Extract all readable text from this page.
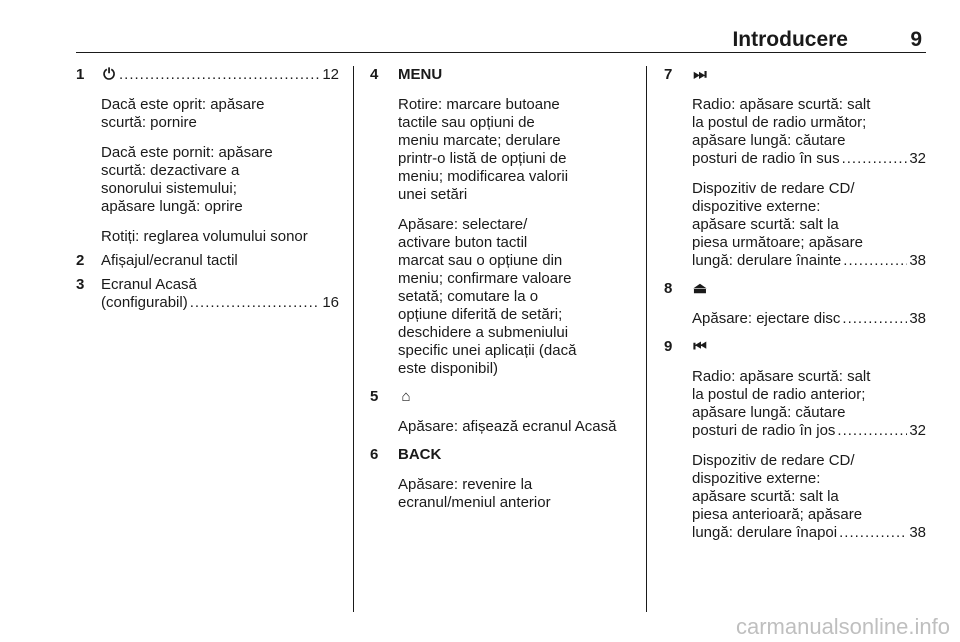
Introducere	9
1 ⏻ .....	12
Dacă este oprit: apăsare
scurtă: pornire
Dacă este pornit: apăsare
scurtă: dezactivare a
sonorului sistemului;
apăsare lungă: oprire
Rotiți: reglarea volumului sonor
2 Afișajul/ecranul tactil
3 Ecranul Acasă
(configurabil) .....	16
4 MENU
Rotire: marcare butoane
tactile sau opțiuni de
meniu marcate; derulare
printr-o listă de opțiuni de
meniu; modificarea valorii
unei setări
Apăsare: selectare/
activare buton tactil
marcat sau o opțiune din
meniu; confirmare valoare
setată; comutare la o
opțiune diferită de setări;
deschidere a submeniului
specific unei aplicații (dacă
este disponibil)
5 ⌂
Apăsare: afișează ecranul Acasă
6 BACK
Apăsare: revenire la
ecranul/meniul anterior
7 ⏭
Radio: apăsare scurtă: salt
la postul de radio următor;
apăsare lungă: căutare
posturi de radio în sus .....	32
Dispozitiv de redare CD/
dispozitive externe:
apăsare scurtă: salt la
piesa următoare; apăsare
lungă: derulare înainte .....	38
8 ⏏
Apăsare: ejectare disc .....	38
9 ⏮
Radio: apăsare scurtă: salt
la postul de radio anterior;
apăsare lungă: căutare
posturi de radio în jos .....	32
Dispozitiv de redare CD/
dispozitive externe:
apăsare scurtă: salt la
piesa anterioară; apăsare
lungă: derulare înapoi .....	38
carmanualsonline.info
